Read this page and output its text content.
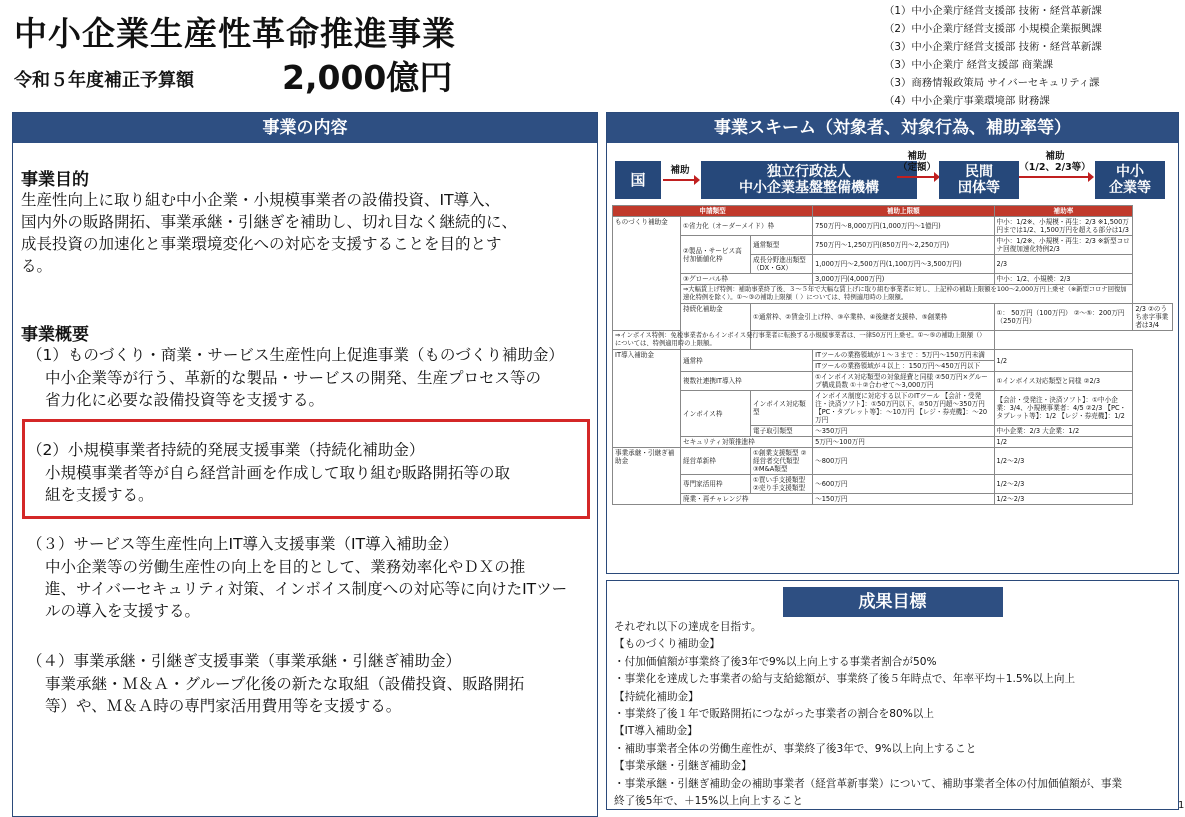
中小企業生産性革命推進事業
令和５年度補正予算額	2,000億円
（1）中小企業庁経営支援部 技術・経営革新課
（2）中小企業庁経営支援部 小規模企業振興課
（3）中小企業庁経営支援部 技術・経営革新課
（3）中小企業庁 経営支援部 商業課
（3）商務情報政策局 サイバーセキュリティ課
（4）中小企業庁事業環境部 財務課
事業の内容
事業目的
生産性向上に取り組む中小企業・小規模事業者の設備投資、IT導入、
国内外の販路開拓、事業承継・引継ぎを補助し、切れ目なく継続的に、
成長投資の加速化と事業環境変化への対応を支援することを目的とす
る。
事業概要
（1）ものづくり・商業・サービス生産性向上促進事業（ものづくり補助金）
中小企業等が行う、革新的な製品・サービスの開発、生産プロセス等の
省力化に必要な設備投資等を支援する。
（2）小規模事業者持続的発展支援事業（持続化補助金）
小規模事業者等が自ら経営計画を作成して取り組む販路開拓等の取
組を支援する。
（３）サービス等生産性向上IT導入支援事業（IT導入補助金）
中小企業等の労働生産性の向上を目的として、業務効率化やＤＸの推
進、サイバーセキュリティ対策、インボイス制度への対応等に向けたITツー
ルの導入を支援する。
（４）事業承継・引継ぎ支援事業（事業承継・引継ぎ補助金）
事業承継・Ｍ＆Ａ・グループ化後の新たな取組（設備投資、販路開拓
等）や、Ｍ＆Ａ時の専門家活用費用等を支援する。
事業スキーム（対象者、対象行為、補助率等）
国
補助	独立行政法人
中小企業基盤整備機構
補助
（定額） 民間
団体等
補助
（1/2、2/3等） 中小
企業等
申請類型			補助上限額	補助率	
ものづくり補助金	①省力化（オーダーメイド）枠		750万円～8,000万円(1,000万円～1億円)	中小：1/2※、小規模・再生：2/3 ※1,500万円までは1/2、1,500万円を超える部分は1/3	
	②製品・サービス高付加価値化枠	通常類型	750万円～1,250万円(850万円～2,250万円)	中小：1/2※、小規模・再生：2/3 ※新型コロナ回復加速化特例2/3	
		成長分野進出類型（DX・GX）	1,000万円～2,500万円(1,100万円～3,500万円)	2/3	
	③グローバル枠		3,000万円(4,000万円)	中小：1/2、小規模：2/3	
	⇒大幅賃上げ特例：補助事業終了後、３～５年で大幅な賃上げに取り組む事業者に対し、上記枠の補助上限額を100～2,000万円上乗せ（※新型コロナ回復加速化特例を除く）。①～③の補助上限額（ ）については、特例適用時の上限額。				
	持続化補助金	①通常枠、②賃金引上げ枠、③卒業枠、④後継者支援枠、⑤創業枠		①： 50万円（100万円） ②～⑤：200万円（250万円）	2/3 ②のうち赤字事業者は3/4
⇒インボイス特例：免税事業者からインボイス発行事業者に転換する小規模事業者は、一律50万円上乗せ。①～⑤の補助上限額（）については、特例適用時の上限額。					
IT導入補助金	通常枠		ITツールの業務領域が１～３まで ：5万円～150万円未満	1/2	
			ITツールの業務領域が４以上 ：150万円～450万円以下		
	複数社連携IT導入枠		①インボイス対応類型の対象経費と同様 ②50万円×グループ構成員数 ①＋②合わせて～3,000万円	①インボイス対応類型と同様 ②2/3	
	インボイス枠	インボイス対応類型	インボイス制度に対応する以下のITツール 【会計・受発注・決済ソフト】：①50万円以下、②50万円超～350万円 【PC・タブレット等】：～10万円 【レジ・券売機】：～20万円	【会計・受発注・決済ソフト】：①中小企業：3/4、小規模事業者：4/5 ②2/3 【PC・タブレット等】：1/2 【レジ・券売機】：1/2	
		電子取引類型	～350万円	中小企業：2/3 大企業：1/2	
	セキュリティ対策推進枠		5万円～100万円	1/2	
事業承継・引継ぎ補助金	経営革新枠	①創業支援類型 ②経営者交代類型③M&A類型	～800万円	1/2～2/3	
	専門家活用枠	①買い手支援類型 ②売り手支援類型	～600万円	1/2～2/3	
	廃業・再チャレンジ枠		～150万円	1/2～2/3	
成果目標
それぞれ以下の達成を目指す。
【ものづくり補助金】
・付加価値額が事業終了後3年で9%以上向上する事業者割合が50%
・事業化を達成した事業者の給与支給総額が、事業終了後５年時点で、年率平均＋1.5%以上向上
【持続化補助金】
・事業終了後１年で販路開拓につながった事業者の割合を80%以上
【IT導入補助金】
・補助事業者全体の労働生産性が、事業終了後3年で、9%以上向上すること
【事業承継・引継ぎ補助金】
・事業承継・引継ぎ補助金の補助事業者（経営革新事業）について、補助事業者全体の付加価値額が、事業
終了後5年で、＋15%以上向上すること	1
